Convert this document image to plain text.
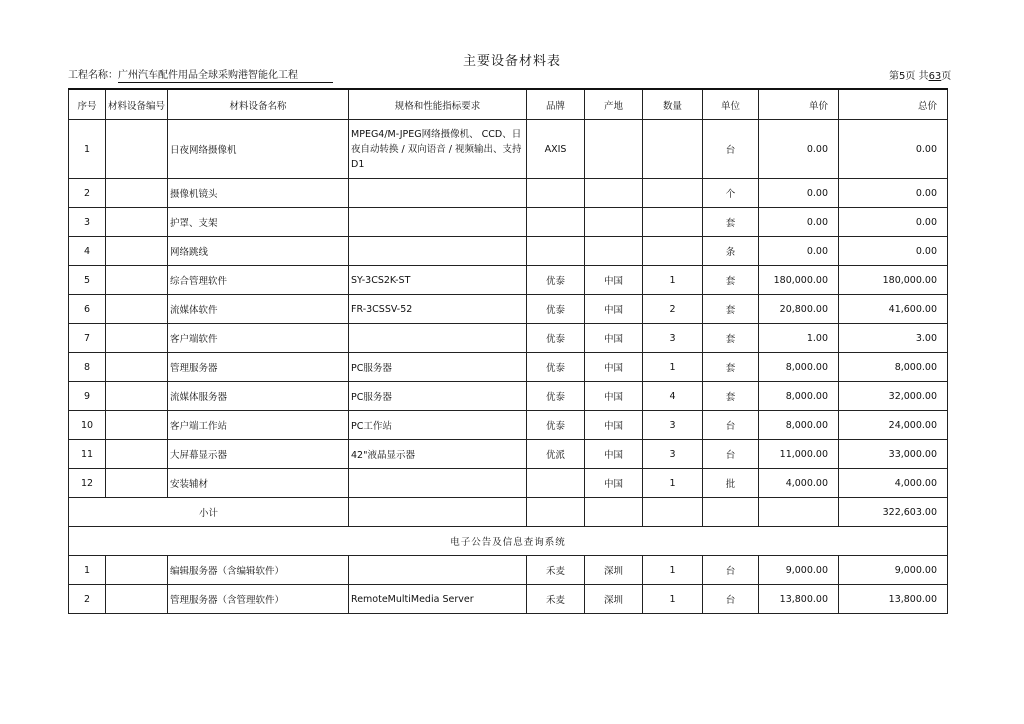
主要设备材料表
工程名称：广州汽车配件用品全球采购港智能化工程	第5页 共63页
序号	材料设备编号	材料设备名称	规格和性能指标要求	品牌	产地	数量	单位	单价	总价
1		日夜网络摄像机	MPEG4/M-JPEG网络摄像机、 CCD、日夜自动转换 / 双向语音 / 视频输出、支持 D1	AXIS			台	0.00	0.00
2		摄像机镜头					个	0.00	0.00
3		护罩、支架					套	0.00	0.00
4		网络跳线					条	0.00	0.00
5		综合管理软件	SY-3CS2K-ST	优泰	中国	1	套	180,000.00	180,000.00
6		流媒体软件	FR-3CSSV-52	优泰	中国	2	套	20,800.00	41,600.00
7		客户端软件		优泰	中国	3	套	1.00	3.00
8		管理服务器	PC服务器	优泰	中国	1	套	8,000.00	8,000.00
9		流媒体服务器	PC服务器	优泰	中国	4	套	8,000.00	32,000.00
10		客户端工作站	PC工作站	优泰	中国	3	台	8,000.00	24,000.00
11		大屏幕显示器	42"液晶显示器	优派	中国	3	台	11,000.00	33,000.00
12		安装辅材			中国	1	批	4,000.00	4,000.00
小计									322,603.00
电子公告及信息查询系统									
1		编辑服务器（含编辑软件）		禾麦	深圳	1	台	9,000.00	9,000.00
2		管理服务器（含管理软件）	RemoteMultiMedia Server	禾麦	深圳	1	台	13,800.00	13,800.00
